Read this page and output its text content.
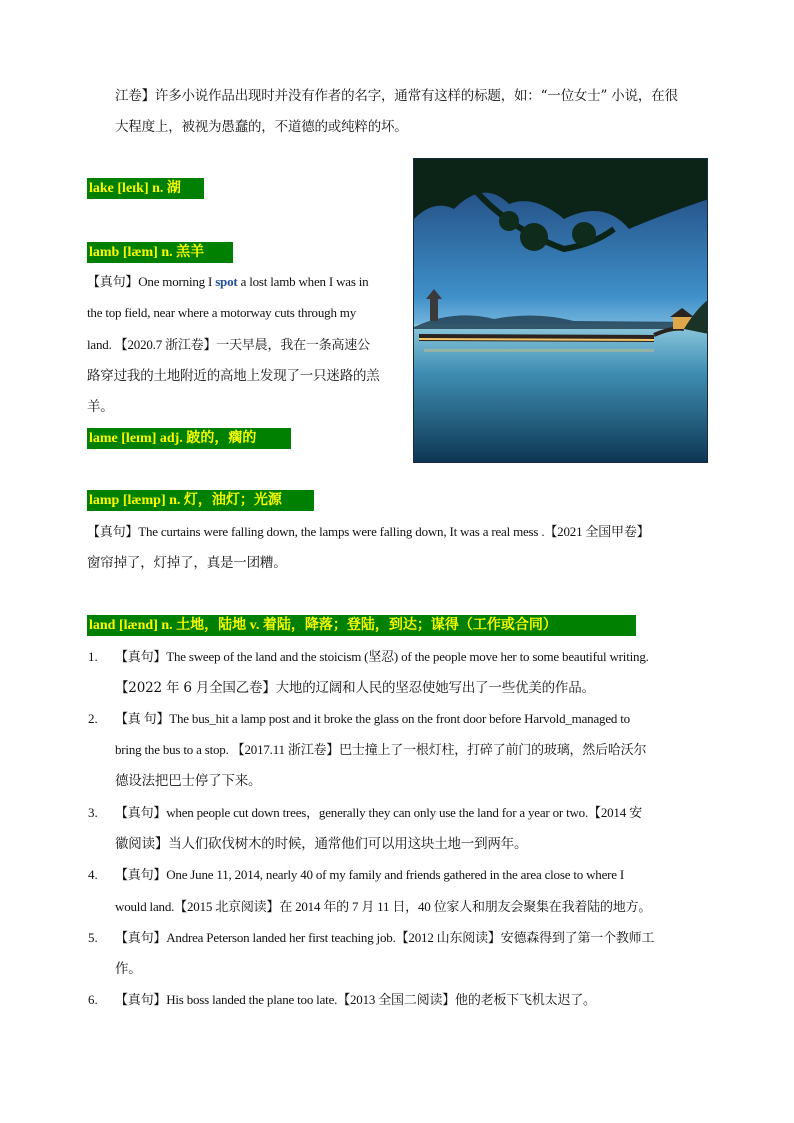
江卷】许多小说作品出现时并没有作者的名字，通常有这样的标题，如：“一位女士” 小说，在很
大程度上，被视为愚蠢的，不道德的或纯粹的坏。
lake [leɪk] n. 湖
lamb [læm] n. 羔羊
【真句】One morning I spot a lost lamb when I was in
the top field, near where a motorway cuts through my
land. 【2020.7 浙江卷】一天早晨，我在一条高速公
路穿过我的土地附近的高地上发现了一只迷路的羔
羊。
lame [leɪm] adj. 跛的，瘸的
lamp [læmp] n. 灯，油灯；光源
【真句】The curtains were falling down, the lamps were falling down, It was a real mess .【2021 全国甲卷】
窗帘掉了，灯掉了，真是一团糟。
land [lænd] n. 土地，陆地 v. 着陆，降落；登陆，到达；谋得（工作或合同）
1. 【真句】The sweep of the land and the stoicism (坚忍) of the people move her to some beautiful writing.
【2022 年 6 月全国乙卷】大地的辽阔和人民的坚忍使她写出了一些优美的作品。
2. 【真 句】The bus_hit a lamp post and it broke the glass on the front door before Harvold_managed to
bring the bus to a stop. 【2017.11 浙江卷】巴士撞上了一根灯柱，打碎了前门的玻璃，然后哈沃尔
德设法把巴士停了下来。
3. 【真句】when people cut down trees，generally they can only use the land for a year or two.【2014 安
徽阅读】当人们砍伐树木的时候，通常他们可以用这块土地一到两年。
4. 【真句】One June 11, 2014, nearly 40 of my family and friends gathered in the area close to where I
would land.【2015 北京阅读】在 2014 年的 7 月 11 日，40 位家人和朋友会聚集在我着陆的地方。
5. 【真句】Andrea Peterson landed her first teaching job.【2012 山东阅读】安德森得到了第一个教师工
作。
6. 【真句】His boss landed the plane too late.【2013 全国二阅读】他的老板下飞机太迟了。
